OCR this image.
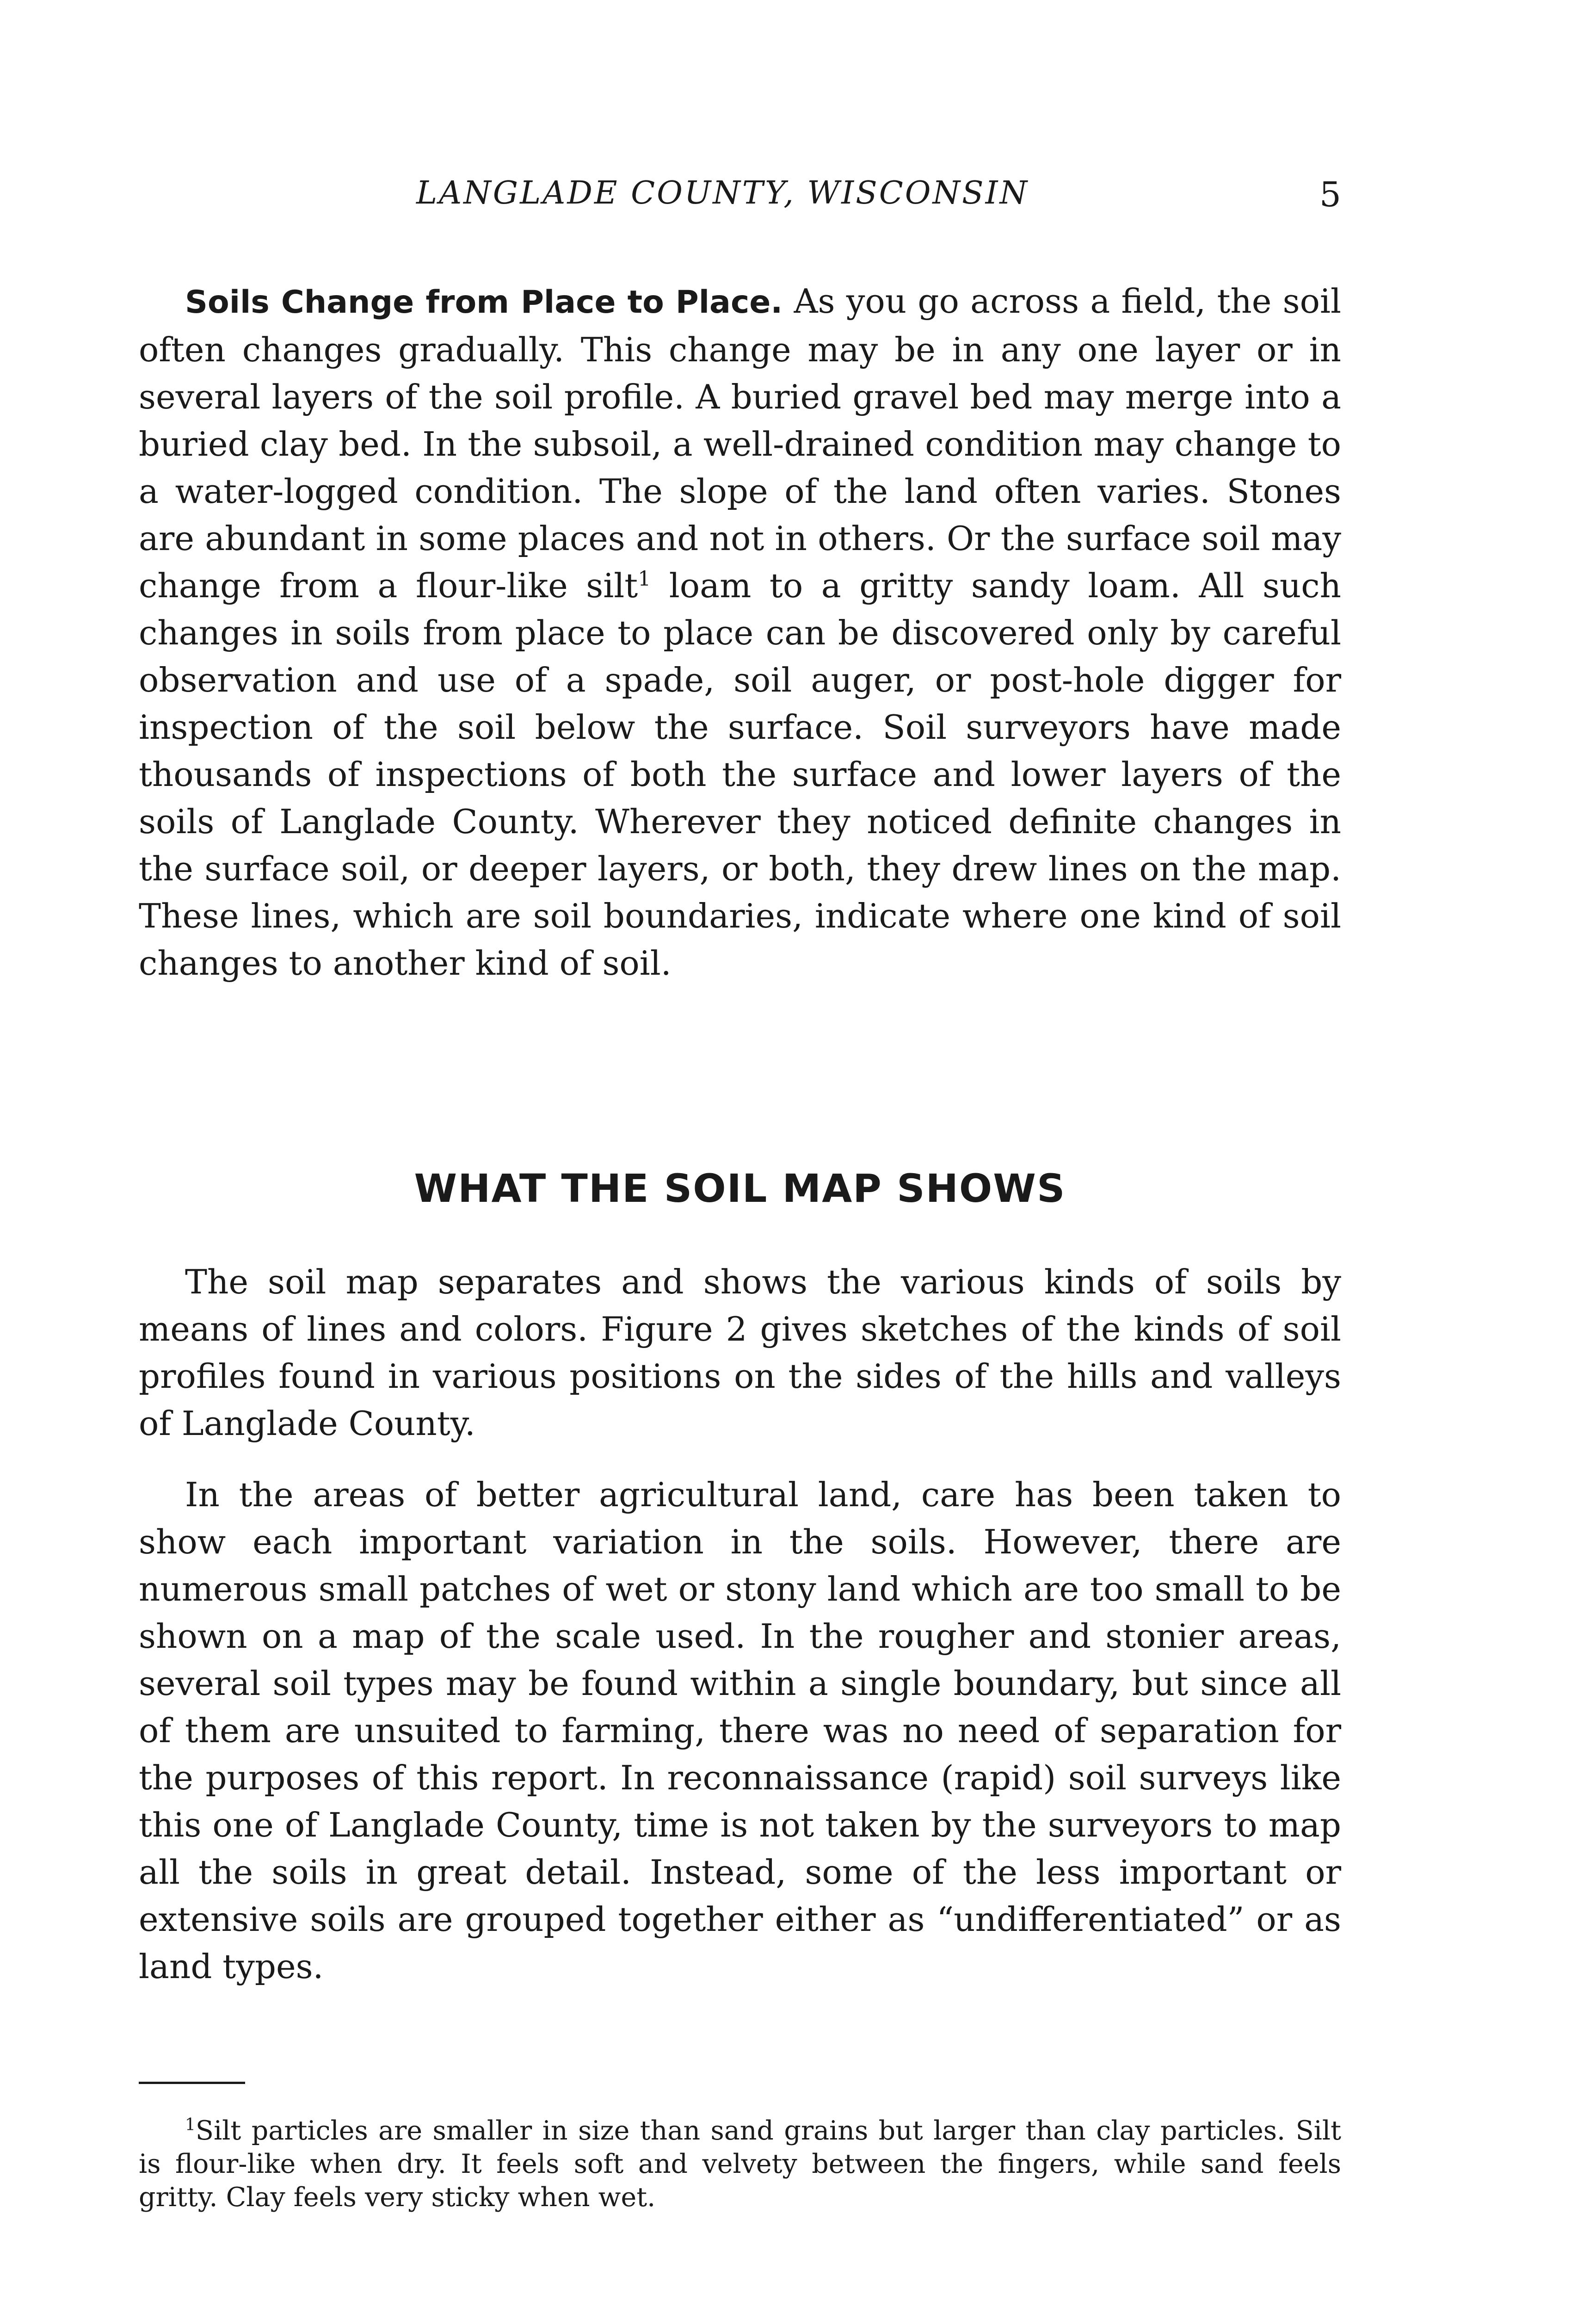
LANGLADE COUNTY, WISCONSIN	5

Soils Change from Place to Place. As you go across a field, the soil often changes gradually. This change may be in any one layer or in several layers of the soil profile. A buried gravel bed may merge into a buried clay bed. In the subsoil, a well-drained condition may change to a water-logged condition. The slope of the land often varies. Stones are abundant in some places and not in others. Or the surface soil may change from a flour-like silt$^1$ loam to a gritty sandy loam. All such changes in soils from place to place can be discovered only by careful observation and use of a spade, soil auger, or post-hole digger for inspection of the soil below the surface. Soil surveyors have made thousands of inspections of both the surface and lower layers of the soils of Langlade County. Wherever they noticed definite changes in the surface soil, or deeper layers, or both, they drew lines on the map. These lines, which are soil boundaries, indicate where one kind of soil changes to another kind of soil.

WHAT THE SOIL MAP SHOWS

The soil map separates and shows the various kinds of soils by means of lines and colors. Figure 2 gives sketches of the kinds of soil profiles found in various positions on the sides of the hills and valleys of Langlade County.

In the areas of better agricultural land, care has been taken to show each important variation in the soils. However, there are numerous small patches of wet or stony land which are too small to be shown on a map of the scale used. In the rougher and stonier areas, several soil types may be found within a single boundary, but since all of them are unsuited to farming, there was no need of separation for the purposes of this report. In reconnaissance (rapid) soil surveys like this one of Langlade County, time is not taken by the surveyors to map all the soils in great detail. Instead, some of the less important or extensive soils are grouped together either as “undifferentiated” or as land types.

$^1$Silt particles are smaller in size than sand grains but larger than clay particles. Silt is flour-like when dry. It feels soft and velvety between the fingers, while sand feels gritty. Clay feels very sticky when wet.
